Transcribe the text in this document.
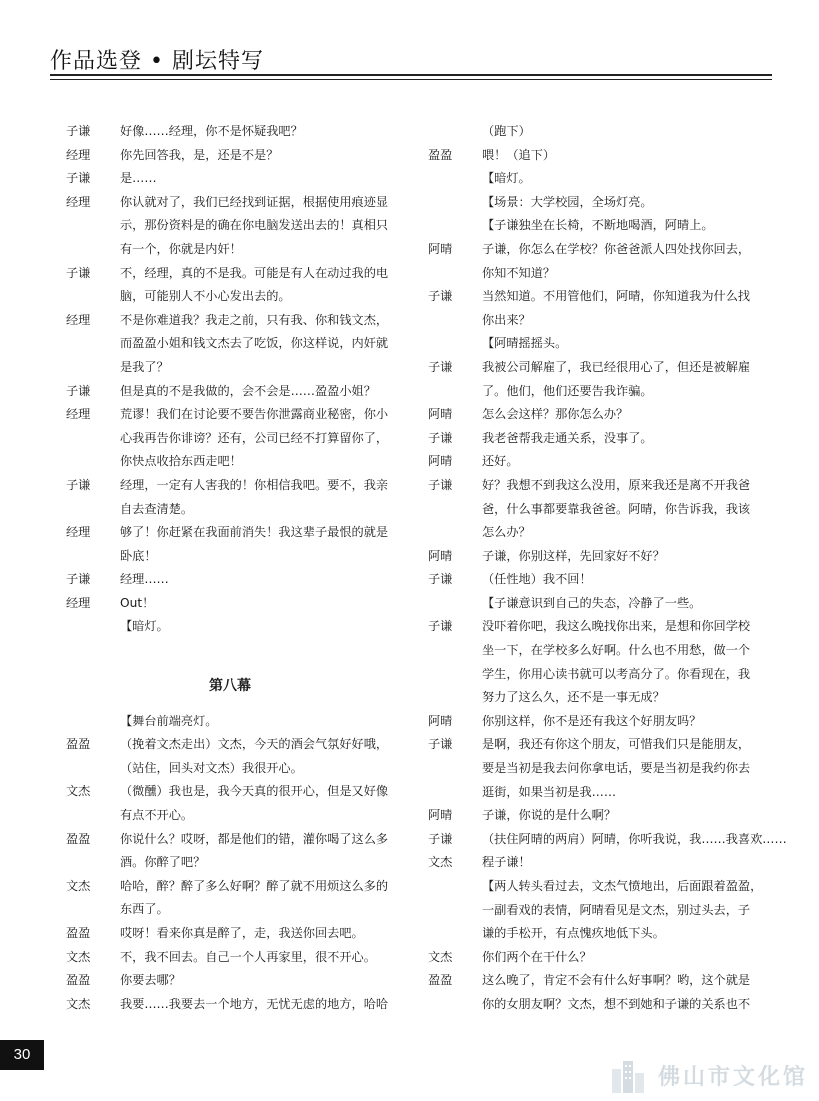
作品选登 • 剧坛特写
子谦 好像……经理，你不是怀疑我吧？
经理 你先回答我，是，还是不是？
子谦 是……
经理 你认就对了，我们已经找到证据，根据使用痕迹显
示，那份资料是的确在你电脑发送出去的！真相只
有一个，你就是内奸！
子谦 不，经理，真的不是我。可能是有人在动过我的电
脑，可能别人不小心发出去的。
经理 不是你难道我？我走之前，只有我、你和钱文杰，
而盈盈小姐和钱文杰去了吃饭，你这样说，内奸就
是我了？
子谦 但是真的不是我做的，会不会是……盈盈小姐？
经理 荒谬！我们在讨论要不要告你泄露商业秘密，你小
心我再告你诽谤？还有，公司已经不打算留你了，
你快点收拾东西走吧！
子谦 经理，一定有人害我的！你相信我吧。要不，我亲
自去查清楚。
经理 够了！你赶紧在我面前消失！我这辈子最恨的就是
卧底！
子谦 经理……
经理 Out！
【暗灯。
第八幕
【舞台前端亮灯。
盈盈 （挽着文杰走出）文杰，今天的酒会气氛好好哦，
（站住，回头对文杰）我很开心。
文杰 （微醺）我也是，我今天真的很开心，但是又好像
有点不开心。
盈盈 你说什么？哎呀，都是他们的错，灌你喝了这么多
酒。你醉了吧？
文杰 哈哈，醉？醉了多么好啊？醉了就不用烦这么多的
东西了。
盈盈 哎呀！看来你真是醉了，走，我送你回去吧。
文杰 不，我不回去。自己一个人再家里，很不开心。
盈盈 你要去哪？
文杰 我要……我要去一个地方，无忧无虑的地方，哈哈
（跑下）
盈盈 喂！（追下）
【暗灯。
【场景：大学校园，全场灯亮。
【子谦独坐在长椅，不断地喝酒，阿晴上。
阿晴 子谦，你怎么在学校？你爸爸派人四处找你回去，
你知不知道？
子谦 当然知道。不用管他们，阿晴，你知道我为什么找
你出来？
【阿晴摇摇头。
子谦 我被公司解雇了，我已经很用心了，但还是被解雇
了。他们，他们还要告我诈骗。
阿晴 怎么会这样？那你怎么办？
子谦 我老爸帮我走通关系，没事了。
阿晴 还好。
子谦 好？我想不到我这么没用，原来我还是离不开我爸
爸，什么事都要靠我爸爸。阿晴，你告诉我，我该
怎么办？
阿晴 子谦，你别这样，先回家好不好？
子谦 （任性地）我不回！
【子谦意识到自己的失态，冷静了一些。
子谦 没吓着你吧，我这么晚找你出来，是想和你回学校
坐一下，在学校多么好啊。什么也不用愁，做一个
学生，你用心读书就可以考高分了。你看现在，我
努力了这么久，还不是一事无成？
阿晴 你别这样，你不是还有我这个好朋友吗？
子谦 是啊，我还有你这个朋友，可惜我们只是能朋友，
要是当初是我去问你拿电话，要是当初是我约你去
逛街，如果当初是我……
阿晴 子谦，你说的是什么啊？
子谦 （扶住阿晴的两肩）阿晴，你听我说，我……我喜欢……
文杰 程子谦！
【两人转头看过去，文杰气愤地出，后面跟着盈盈，
一副看戏的表情，阿晴看见是文杰，别过头去，子
谦的手松开，有点愧疚地低下头。
文杰 你们两个在干什么？
盈盈 这么晚了，肯定不会有什么好事啊？哟，这个就是
你的女朋友啊？文杰，想不到她和子谦的关系也不
30
佛山市文化馆
